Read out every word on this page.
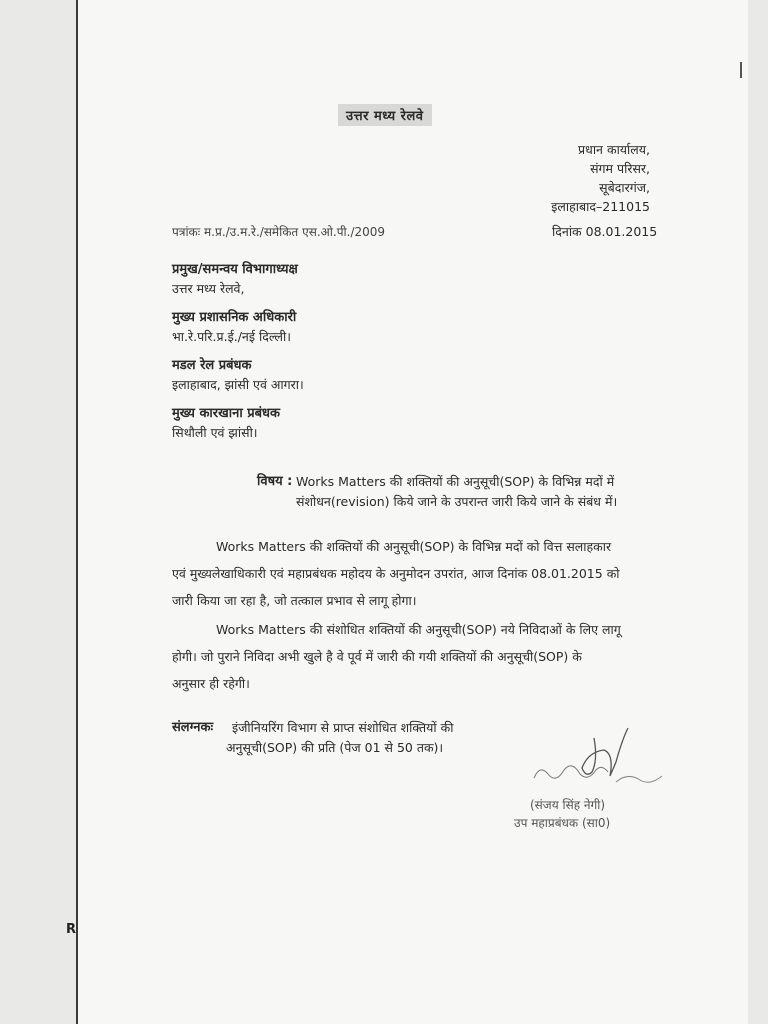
R
उत्तर मध्य रेलवे
प्रधान कार्यालय,
संगम परिसर,
सूबेदारगंज,
इलाहाबाद–211015
पत्रांकः म.प्र./उ.म.रे./समेकित एस.ओ.पी./2009	दिनांक 08.01.2015
प्रमुख/समन्वय विभागाध्यक्ष
उत्तर मध्य रेलवे,
मुख्य प्रशासनिक अधिकारी
भा.रे.परि.प्र.ई./नई दिल्ली।
मडल रेल प्रबंधक
इलाहाबाद, झांसी एवं आगरा।
मुख्य कारखाना प्रबंधक
सिथौली एवं झांसी।
विषय : Works Matters की शक्तियों की अनुसूची(SOP) के विभिन्न मदों में
संशोधन(revision) किये जाने के उपरान्त जारी किये जाने के संबंध में।
Works Matters की शक्तियों की अनुसूची(SOP) के विभिन्न मदों को वित्त सलाहकार
एवं मुख्यलेखाधिकारी एवं महाप्रबंधक महोदय के अनुमोदन उपरांत, आज दिनांक 08.01.2015 को
जारी किया जा रहा है, जो तत्काल प्रभाव से लागू होगा।
Works Matters की संशोधित शक्तियों की अनुसूची(SOP) नये निविदाओं के लिए लागू
होगी। जो पुराने निविदा अभी खुले है वे पूर्व में जारी की गयी शक्तियों की अनुसूची(SOP) के
अनुसार ही रहेगी।
संलग्नकः इंजीनियरिंग विभाग से प्राप्त संशोधित शक्तियों की
अनुसूची(SOP) की प्रति (पेज 01 से 50 तक)।
(संजय सिंह नेगी)
उप महाप्रबंधक (सा0)
